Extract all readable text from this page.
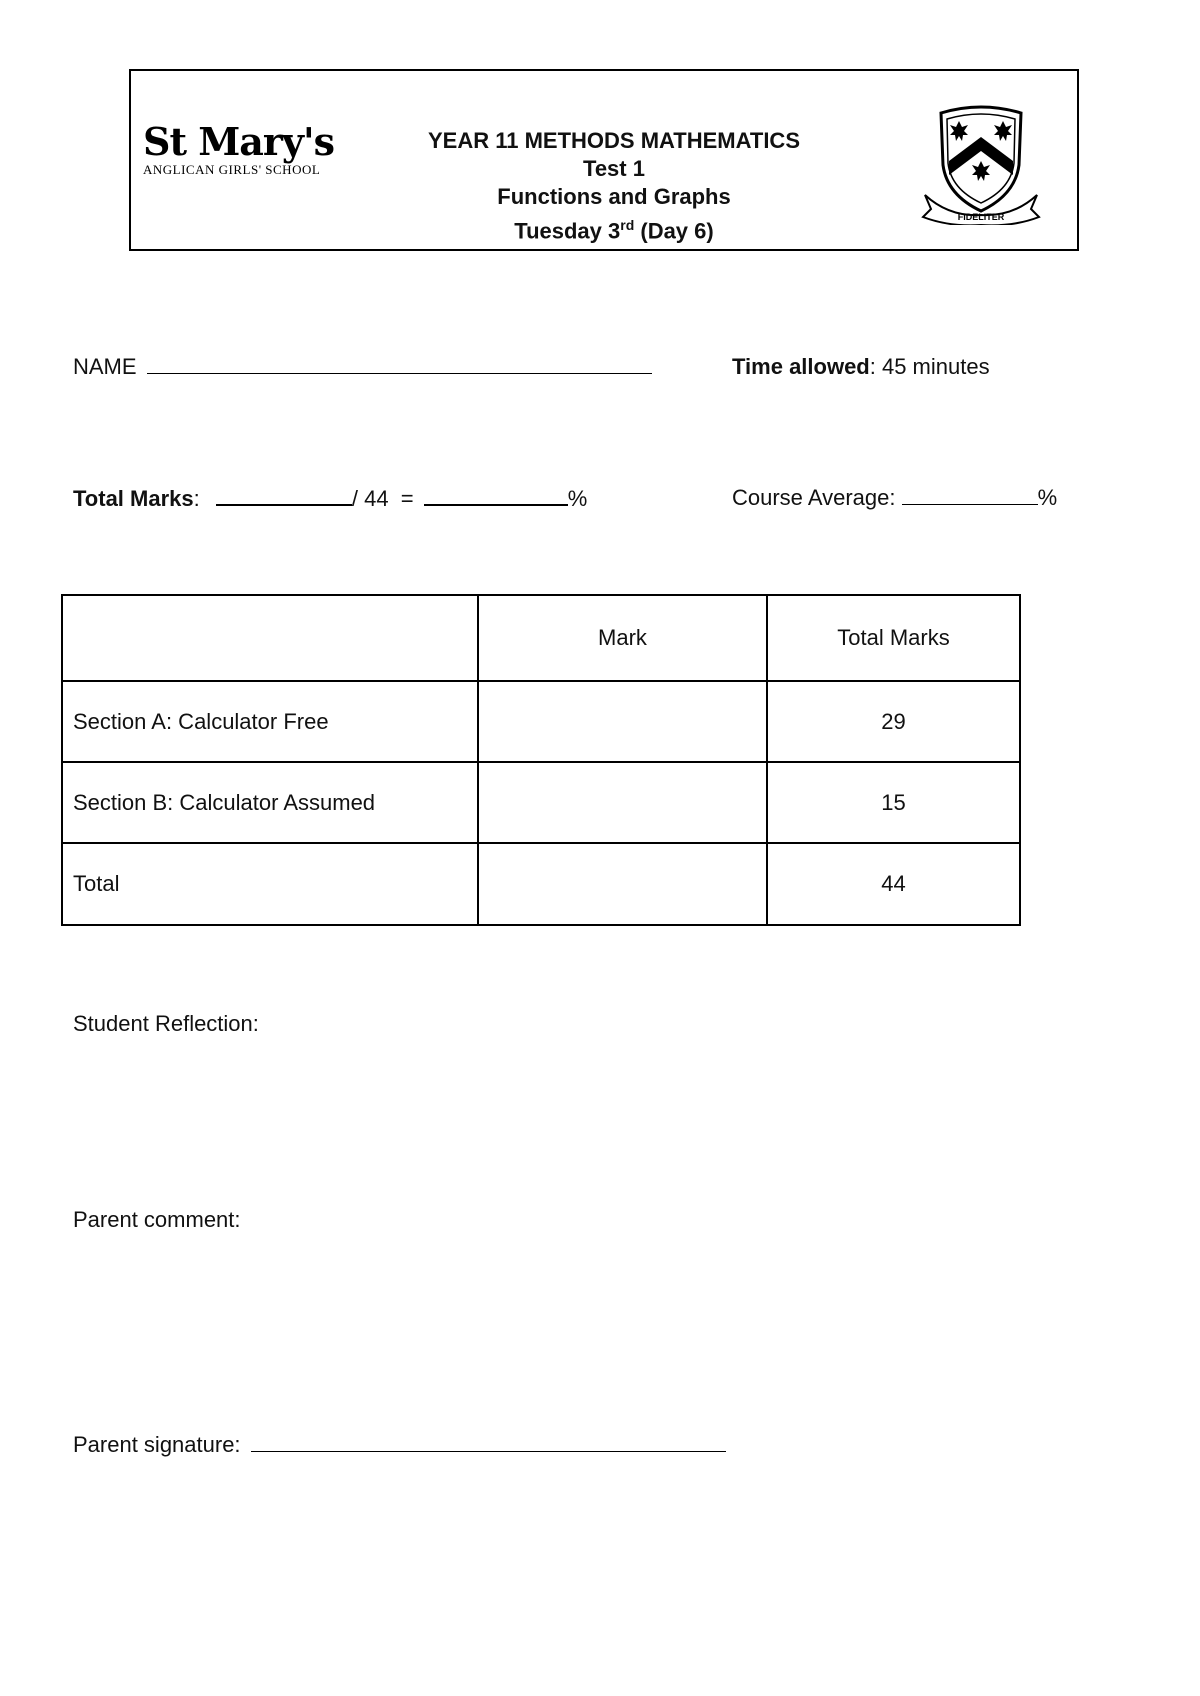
St Mary's
ANGLICAN GIRLS' SCHOOL
YEAR 11 METHODS MATHEMATICS
Test 1
Functions and Graphs
Tuesday 3rd (Day 6)
FIDELITER
NAME	Time allowed: 45 minutes
Total Marks:	/ 44 =	%	Course Average:	%
	Mark	Total Marks
Section A: Calculator Free		29
Section B: Calculator Assumed		15
Total		44
Student Reflection:
Parent comment:
Parent signature:
